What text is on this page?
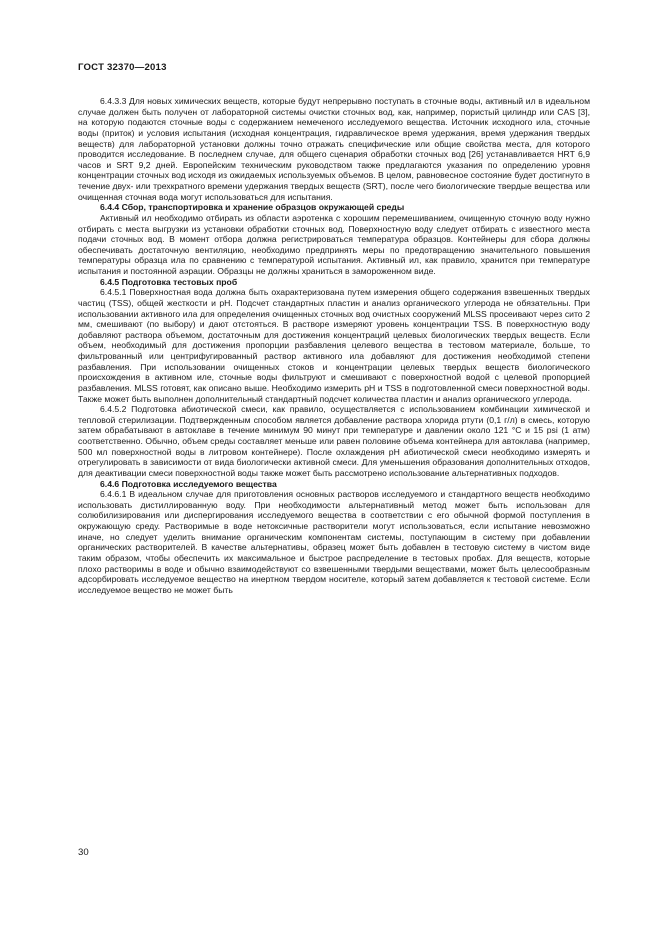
ГОСТ 32370—2013

6.4.3.3 Для новых химических веществ, которые будут непрерывно поступать в сточные воды, активный ил в идеальном случае должен быть получен от лабораторной системы очистки сточных вод, как, например, пористый цилиндр или CAS [3], на которую подаются сточные воды с содержанием немеченого исследуемого вещества. Источник исходного ила, сточные воды (приток) и условия испытания (исходная концентрация, гидравлическое время удержания, время удержания твердых веществ) для лабораторной установки должны точно отражать специфические или общие свойства места, для которого проводится исследование. В последнем случае, для общего сценария обработки сточных вод [26] устанавливается HRT 6,9 часов и SRT 9,2 дней. Европейским техническим руководством также предлагаются указания по определению уровня концентрации сточных вод исходя из ожидаемых используемых объемов. В целом, равновесное состояние будет достигнуто в течение двух- или трехкратного времени удержания твердых веществ (SRT), после чего биологические твердые вещества или очищенная сточная вода могут использоваться для испытания.

6.4.4 Сбор, транспортировка и хранение образцов окружающей среды

Активный ил необходимо отбирать из области аэротенка с хорошим перемешиванием, очищенную сточную воду нужно отбирать с места выгрузки из установки обработки сточных вод. Поверхностную воду следует отбирать с известного места подачи сточных вод. В момент отбора должна регистрироваться температура образцов. Контейнеры для сбора должны обеспечивать достаточную вентиляцию, необходимо предпринять меры по предотвращению значительного повышения температуры образца ила по сравнению с температурой испытания. Активный ил, как правило, хранится при температуре испытания и постоянной аэрации. Образцы не должны храниться в замороженном виде.

6.4.5 Подготовка тестовых проб

6.4.5.1 Поверхностная вода должна быть охарактеризована путем измерения общего содержания взвешенных твердых частиц (TSS), общей жесткости и pH. Подсчет стандартных пластин и анализ органического углерода не обязательны. При использовании активного ила для определения очищенных сточных вод очистных сооружений MLSS просеивают через сито 2 мм, смешивают (по выбору) и дают отстояться. В растворе измеряют уровень концентрации TSS. В поверхностную воду добавляют раствора объемом, достаточным для достижения концентраций целевых биологических твердых веществ. Если объем, необходимый для достижения пропорции разбавления целевого вещества в тестовом материале, больше, то фильтрованный или центрифугированный раствор активного ила добавляют для достижения необходимой степени разбавления. При использовании очищенных стоков и концентрации целевых твердых веществ биологического происхождения в активном иле, сточные воды фильтруют и смешивают с поверхностной водой с целевой пропорцией разбавления. MLSS готовят, как описано выше. Необходимо измерить pH и TSS в подготовленной смеси поверхностной воды. Также может быть выполнен дополнительный стандартный подсчет количества пластин и анализ органического углерода.

6.4.5.2 Подготовка абиотической смеси, как правило, осуществляется с использованием комбинации химической и тепловой стерилизации. Подтвержденным способом является добавление раствора хлорида ртути (0,1 г/л) в смесь, которую затем обрабатывают в автоклаве в течение минимум 90 минут при температуре и давлении около 121 °С и 15 psi (1 атм) соответственно. Обычно, объем среды составляет меньше или равен половине объема контейнера для автоклава (например, 500 мл поверхностной воды в литровом контейнере). После охлаждения pH абиотической смеси необходимо измерять и отрегулировать в зависимости от вида биологически активной смеси. Для уменьшения образования дополнительных отходов, для деактивации смеси поверхностной воды также может быть рассмотрено использование альтернативных подходов.

6.4.6 Подготовка исследуемого вещества

6.4.6.1 В идеальном случае для приготовления основных растворов исследуемого и стандартного веществ необходимо использовать дистиллированную воду. При необходимости альтернативный метод может быть использован для солюбилизирования или диспергирования исследуемого вещества в соответствии с его обычной формой поступления в окружающую среду. Растворимые в воде нетоксичные растворители могут использоваться, если испытание невозможно иначе, но следует уделить внимание органическим компонентам системы, поступающим в систему при добавлении органических растворителей. В качестве альтернативы, образец может быть добавлен в тестовую систему в чистом виде таким образом, чтобы обеспечить их максимальное и быстрое распределение в тестовых пробах. Для веществ, которые плохо растворимы в воде и обычно взаимодействуют со взвешенными твердыми веществами, может быть целесообразным адсорбировать исследуемое вещество на инертном твердом носителе, который затем добавляется к тестовой системе. Если исследуемое вещество не может быть

30
